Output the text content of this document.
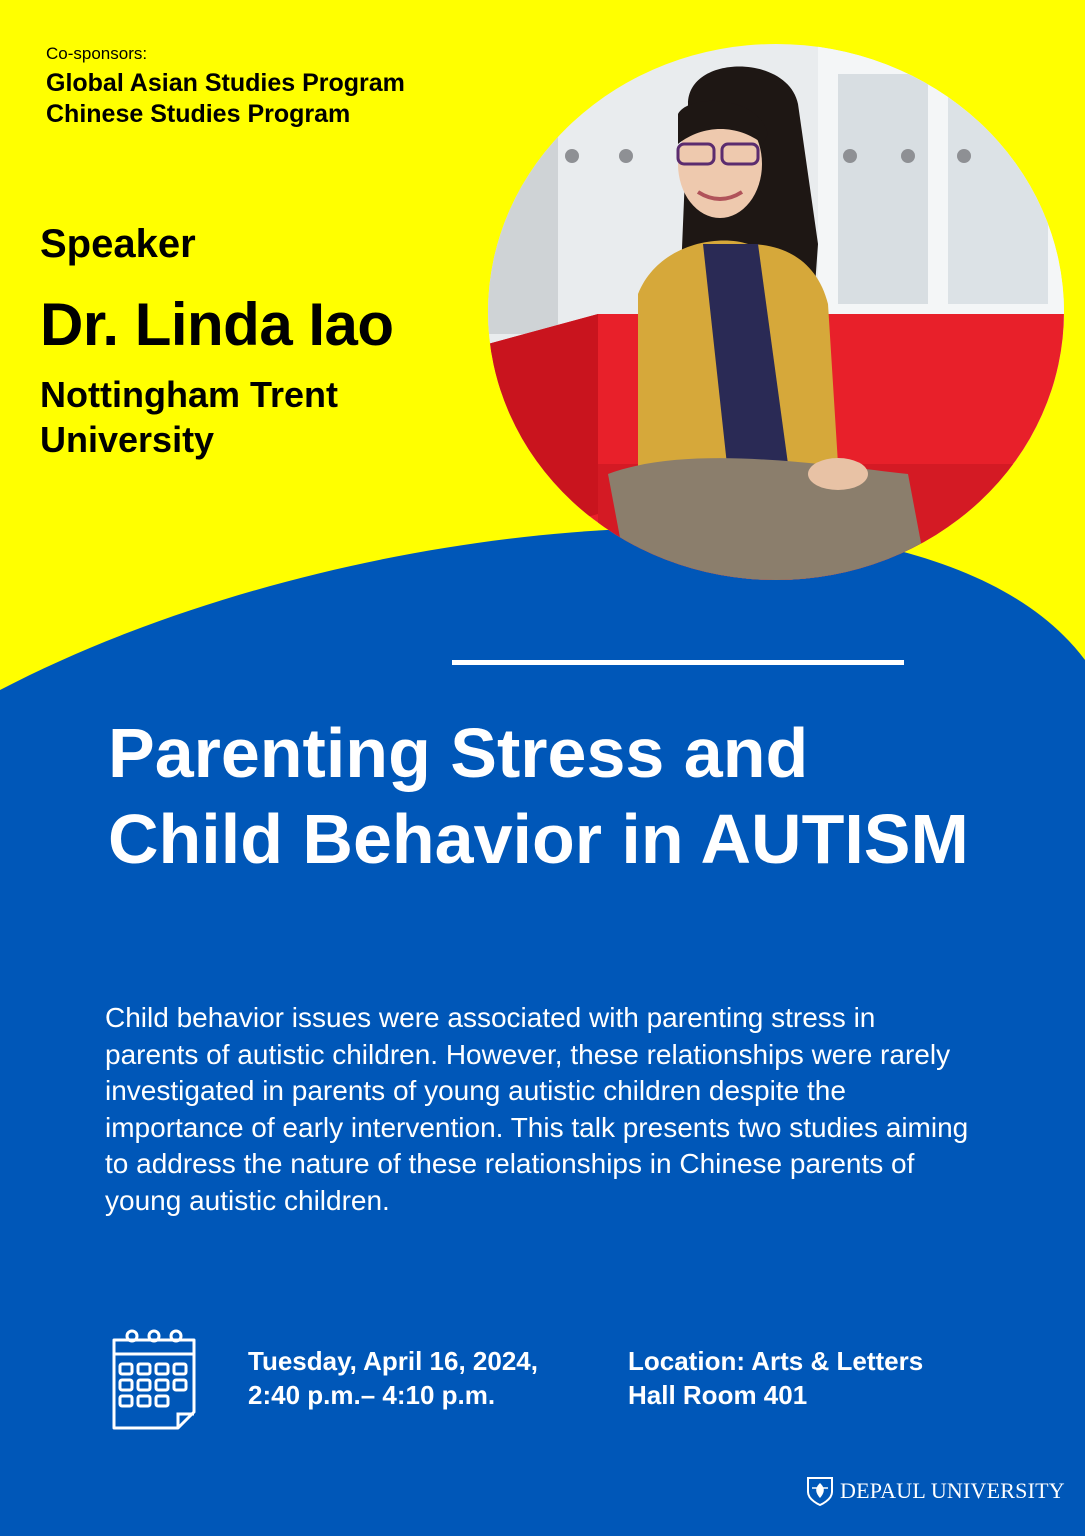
Co-sponsors:
Global Asian Studies Program
Chinese Studies Program
Speaker
Dr. Linda Iao
Nottingham Trent University
Parenting Stress and Child Behavior in AUTISM
Child behavior issues were associated with parenting stress in parents of autistic children. However, these relationships were rarely investigated in parents of young autistic children despite the importance of early intervention. This talk presents two studies aiming to address the nature of these relationships in Chinese parents of young autistic children.
Tuesday, April 16, 2024,
2:40 p.m.– 4:10 p.m.
Location: Arts & Letters
Hall Room 401
DEPAUL UNIVERSITY
